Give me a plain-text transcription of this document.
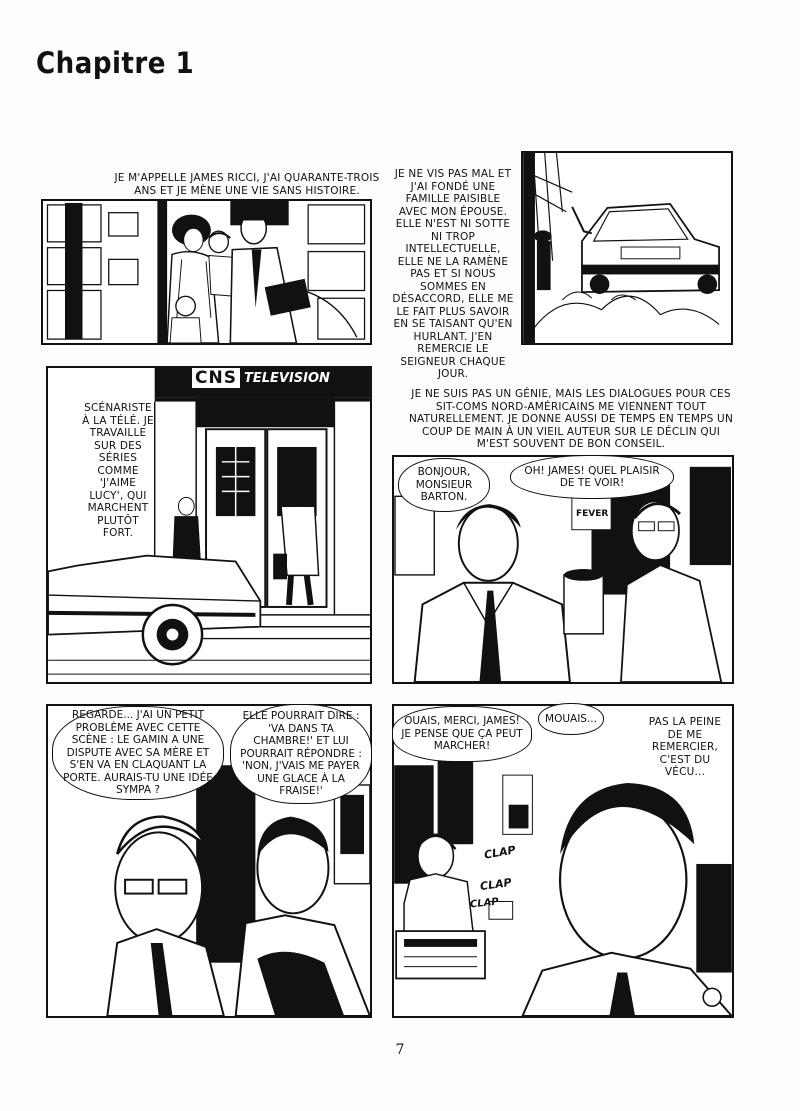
Chapitre 1
JE M'APPELLE JAMES RICCI, J'AI QUARANTE-TROIS ANS ET JE MÈNE UNE VIE SANS HISTOIRE.
JE NE VIS PAS MAL ET J'AI FONDÉ UNE FAMILLE PAISIBLE AVEC MON ÉPOUSE. ELLE N'EST NI SOTTE NI TROP INTELLECTUELLE, ELLE NE LA RAMÈNE PAS ET SI NOUS SOMMES EN DÉSACCORD, ELLE ME LE FAIT PLUS SAVOIR EN SE TAISANT QU'EN HURLANT. J'EN REMERCIE LE SEIGNEUR CHAQUE JOUR.
CNS TELEVISION
SCÉNARISTE À LA TÉLÉ. JE TRAVAILLE SUR DES SÉRIES COMME 'J'AIME LUCY', QUI MARCHENT PLUTÔT FORT.
JE NE SUIS PAS UN GÉNIE, MAIS LES DIALOGUES POUR CES SIT-COMS NORD-AMÉRICAINS ME VIENNENT TOUT NATURELLEMENT. JE DONNE AUSSI DE TEMPS EN TEMPS UN COUP DE MAIN À UN VIEIL AUTEUR SUR LE DÉCLIN QUI M'EST SOUVENT DE BON CONSEIL.
BONJOUR, MONSIEUR BARTON.
OH! JAMES! QUEL PLAISIR DE TE VOIR!
FEVER
REGARDE... J'AI UN PETIT PROBLÈME AVEC CETTE SCÈNE : LE GAMIN A UNE DISPUTE AVEC SA MÈRE ET S'EN VA EN CLAQUANT LA PORTE. AURAIS-TU UNE IDÉE SYMPA ?
ELLE POURRAIT DIRE : 'VA DANS TA CHAMBRE!' ET LUI POURRAIT RÉPONDRE : 'NON, J'VAIS ME PAYER UNE GLACE À LA FRAISE!'
OUAIS, MERCI, JAMES! JE PENSE QUE ÇA PEUT MARCHER!
MOUAIS...	PAS LA PEINE DE ME REMERCIER, C'EST DU VÉCU...
CLAP
CLAP
CLAP
7
